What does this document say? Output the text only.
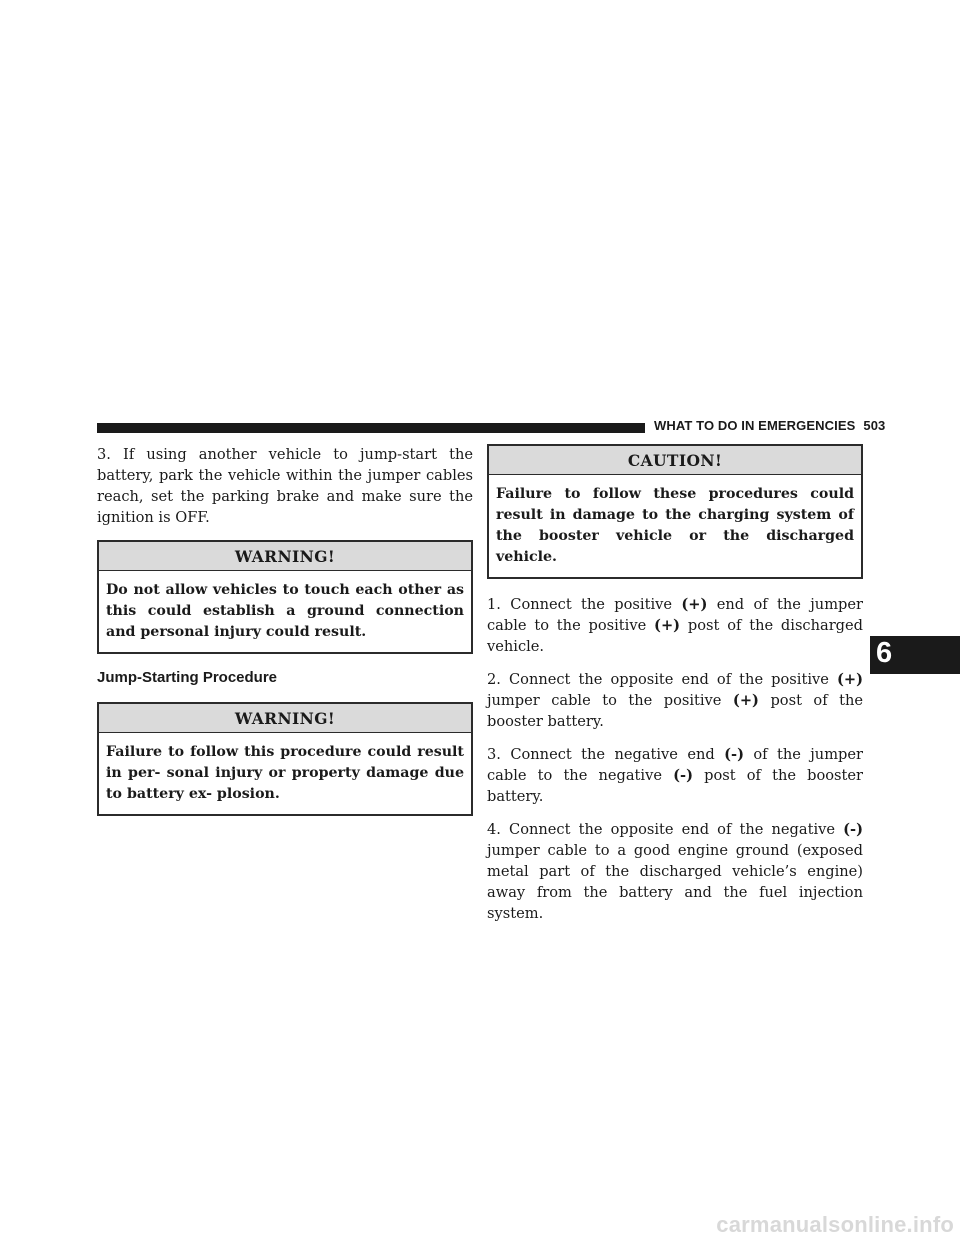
WHAT TO DO IN EMERGENCIES 503
6

3. If using another vehicle to jump-start the battery, park the vehicle within the jumper cables reach, set the parking brake and make sure the ignition is OFF.

WARNING!
Do not allow vehicles to touch each other as this could establish a ground connection and personal injury could result.
Jump-Starting Procedure
WARNING!
Failure to follow this procedure could result in per- sonal injury or property damage due to battery ex- plosion.
CAUTION!
Failure to follow these procedures could result in damage to the charging system of the booster vehicle or the discharged vehicle.

1. Connect the positive (+) end of the jumper cable to the positive (+) post of the discharged vehicle.

2. Connect the opposite end of the positive (+) jumper cable to the positive (+) post of the booster battery.

3. Connect the negative end (-) of the jumper cable to the negative (-) post of the booster battery.

4. Connect the opposite end of the negative (-) jumper cable to a good engine ground (exposed metal part of the discharged vehicle’s engine) away from the battery and the fuel injection system.

carmanualsonline.info
